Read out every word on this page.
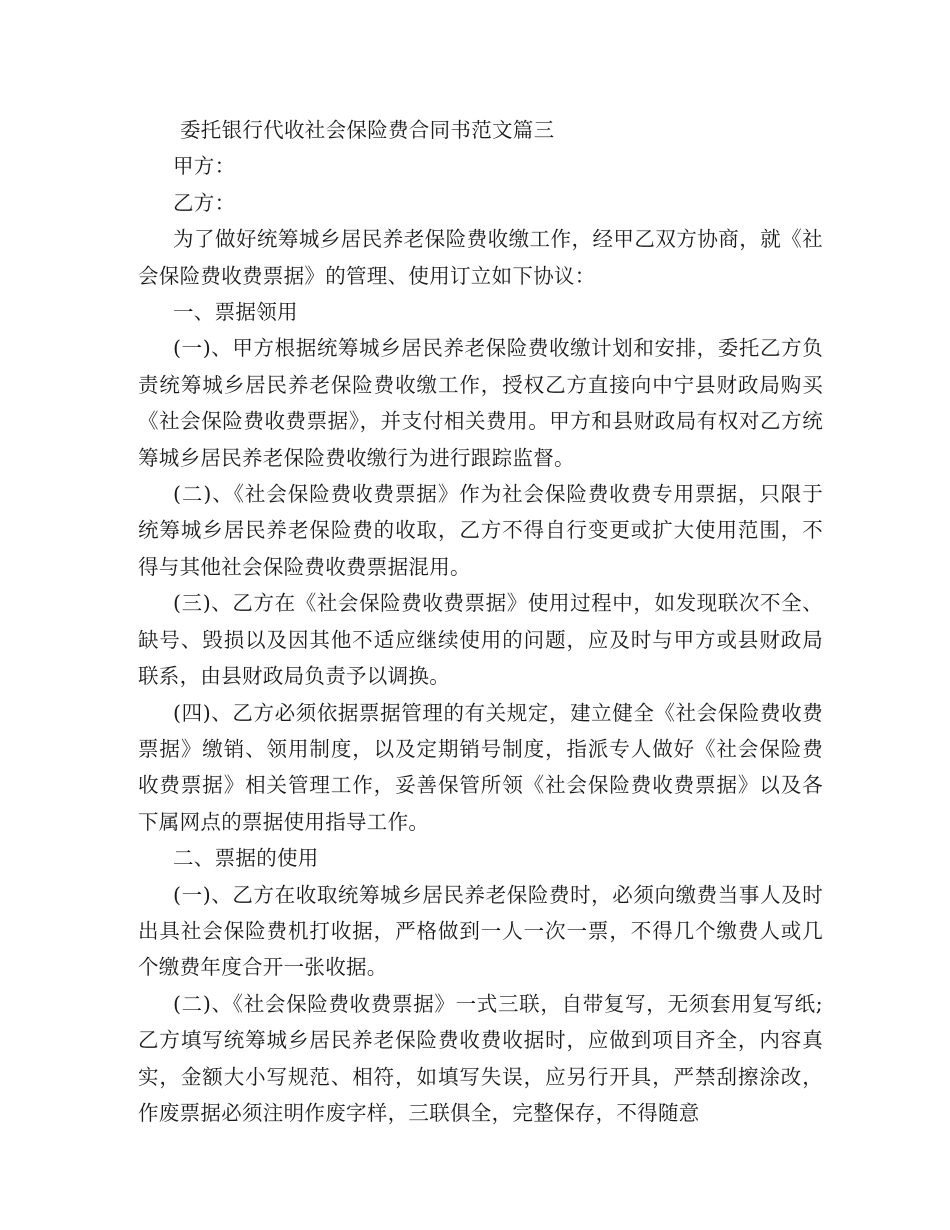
委托银行代收社会保险费合同书范文篇三

甲方：

乙方：

为了做好统筹城乡居民养老保险费收缴工作，经甲乙双方协商，就《社会保险费收费票据》的管理、使用订立如下协议：

一、票据领用

(一)、甲方根据统筹城乡居民养老保险费收缴计划和安排，委托乙方负责统筹城乡居民养老保险费收缴工作，授权乙方直接向中宁县财政局购买《社会保险费收费票据》，并支付相关费用。甲方和县财政局有权对乙方统筹城乡居民养老保险费收缴行为进行跟踪监督。

(二)、《社会保险费收费票据》作为社会保险费收费专用票据，只限于统筹城乡居民养老保险费的收取，乙方不得自行变更或扩大使用范围，不得与其他社会保险费收费票据混用。

(三)、乙方在《社会保险费收费票据》使用过程中，如发现联次不全、缺号、毁损以及因其他不适应继续使用的问题，应及时与甲方或县财政局联系，由县财政局负责予以调换。

(四)、乙方必须依据票据管理的有关规定，建立健全《社会保险费收费票据》缴销、领用制度，以及定期销号制度，指派专人做好《社会保险费收费票据》相关管理工作，妥善保管所领《社会保险费收费票据》以及各下属网点的票据使用指导工作。

二、票据的使用

(一)、乙方在收取统筹城乡居民养老保险费时，必须向缴费当事人及时出具社会保险费机打收据，严格做到一人一次一票，不得几个缴费人或几个缴费年度合开一张收据。

(二)、《社会保险费收费票据》一式三联，自带复写，无须套用复写纸;乙方填写统筹城乡居民养老保险费收费收据时，应做到项目齐全，内容真实，金额大小写规范、相符，如填写失误，应另行开具，严禁刮擦涂改，作废票据必须注明作废字样，三联俱全，完整保存，不得随意
